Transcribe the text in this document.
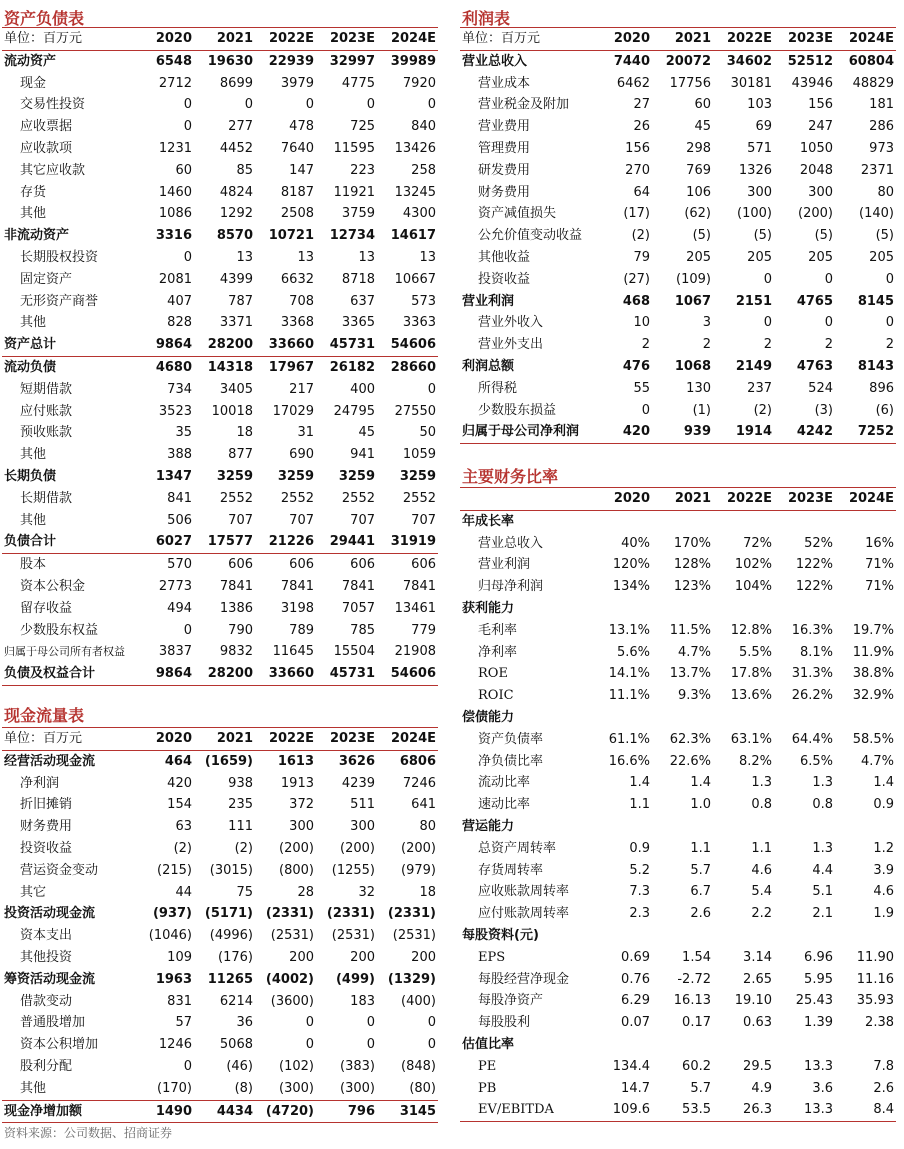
资产负债表
单位：百万元	2020	2021	2022E	2023E	2024E
流动资产	6548	19630	22939	32997	39989
现金	2712	8699	3979	4775	7920
交易性投资	0	0	0	0	0
应收票据	0	277	478	725	840
应收款项	1231	4452	7640	11595	13426
其它应收款	60	85	147	223	258
存货	1460	4824	8187	11921	13245
其他	1086	1292	2508	3759	4300
非流动资产	3316	8570	10721	12734	14617
长期股权投资	0	13	13	13	13
固定资产	2081	4399	6632	8718	10667
无形资产商誉	407	787	708	637	573
其他	828	3371	3368	3365	3363
资产总计	9864	28200	33660	45731	54606
流动负债	4680	14318	17967	26182	28660
短期借款	734	3405	217	400	0
应付账款	3523	10018	17029	24795	27550
预收账款	35	18	31	45	50
其他	388	877	690	941	1059
长期负债	1347	3259	3259	3259	3259
长期借款	841	2552	2552	2552	2552
其他	506	707	707	707	707
负债合计	6027	17577	21226	29441	31919
股本	570	606	606	606	606
资本公积金	2773	7841	7841	7841	7841
留存收益	494	1386	3198	7057	13461
少数股东权益	0	790	789	785	779
归属于母公司所有者权益	3837	9832	11645	15504	21908
负债及权益合计	9864	28200	33660	45731	54606
现金流量表
单位：百万元	2020	2021	2022E	2023E	2024E
经营活动现金流	464	(1659)	1613	3626	6806
净利润	420	938	1913	4239	7246
折旧摊销	154	235	372	511	641
财务费用	63	111	300	300	80
投资收益	(2)	(2)	(200)	(200)	(200)
营运资金变动	(215)	(3015)	(800)	(1255)	(979)
其它	44	75	28	32	18
投资活动现金流	(937)	(5171)	(2331)	(2331)	(2331)
资本支出	(1046)	(4996)	(2531)	(2531)	(2531)
其他投资	109	(176)	200	200	200
筹资活动现金流	1963	11265	(4002)	(499)	(1329)
借款变动	831	6214	(3600)	183	(400)
普通股增加	57	36	0	0	0
资本公积增加	1246	5068	0	0	0
股利分配	0	(46)	(102)	(383)	(848)
其他	(170)	(8)	(300)	(300)	(80)
现金净增加额	1490	4434	(4720)	796	3145
利润表
单位：百万元	2020	2021	2022E	2023E	2024E
营业总收入	7440	20072	34602	52512	60804
营业成本	6462	17756	30181	43946	48829
营业税金及附加	27	60	103	156	181
营业费用	26	45	69	247	286
管理费用	156	298	571	1050	973
研发费用	270	769	1326	2048	2371
财务费用	64	106	300	300	80
资产减值损失	(17)	(62)	(100)	(200)	(140)
公允价值变动收益	(2)	(5)	(5)	(5)	(5)
其他收益	79	205	205	205	205
投资收益	(27)	(109)	0	0	0
营业利润	468	1067	2151	4765	8145
营业外收入	10	3	0	0	0
营业外支出	2	2	2	2	2
利润总额	476	1068	2149	4763	8143
所得税	55	130	237	524	896
少数股东损益	0	(1)	(2)	(3)	(6)
归属于母公司净利润	420	939	1914	4242	7252
主要财务比率
	2020	2021	2022E	2023E	2024E
年成长率					
营业总收入	40%	170%	72%	52%	16%
营业利润	120%	128%	102%	122%	71%
归母净利润	134%	123%	104%	122%	71%
获利能力					
毛利率	13.1%	11.5%	12.8%	16.3%	19.7%
净利率	5.6%	4.7%	5.5%	8.1%	11.9%
ROE	14.1%	13.7%	17.8%	31.3%	38.8%
ROIC	11.1%	9.3%	13.6%	26.2%	32.9%
偿债能力					
资产负债率	61.1%	62.3%	63.1%	64.4%	58.5%
净负债比率	16.6%	22.6%	8.2%	6.5%	4.7%
流动比率	1.4	1.4	1.3	1.3	1.4
速动比率	1.1	1.0	0.8	0.8	0.9
营运能力					
总资产周转率	0.9	1.1	1.1	1.3	1.2
存货周转率	5.2	5.7	4.6	4.4	3.9
应收账款周转率	7.3	6.7	5.4	5.1	4.6
应付账款周转率	2.3	2.6	2.2	2.1	1.9
每股资料(元)					
EPS	0.69	1.54	3.14	6.96	11.90
每股经营净现金	0.76	-2.72	2.65	5.95	11.16
每股净资产	6.29	16.13	19.10	25.43	35.93
每股股利	0.07	0.17	0.63	1.39	2.38
估值比率					
PE	134.4	60.2	29.5	13.3	7.8
PB	14.7	5.7	4.9	3.6	2.6
EV/EBITDA	109.6	53.5	26.3	13.3	8.4
资料来源：公司数据、招商证券
